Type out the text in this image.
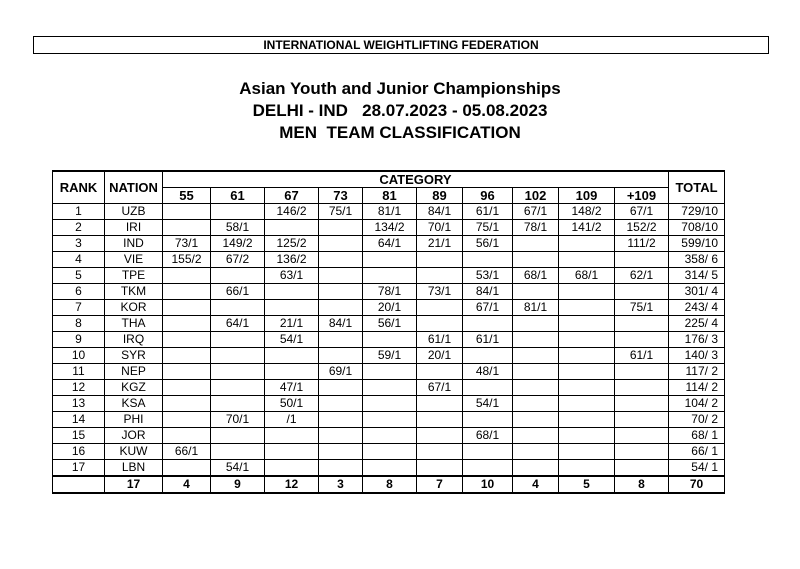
INTERNATIONAL WEIGHTLIFTING FEDERATION
Asian Youth and Junior Championships
DELHI - IND   28.07.2023 - 05.08.2023
MEN  TEAM CLASSIFICATION
RANK	NATION	CATEGORY										TOTAL
		55	61	67	73	81	89	96	102	109	+109	
1	UZB			146/2	75/1	81/1	84/1	61/1	67/1	148/2	67/1	729/10
2	IRI		58/1			134/2	70/1	75/1	78/1	141/2	152/2	708/10
3	IND	73/1	149/2	125/2		64/1	21/1	56/1			111/2	599/10
4	VIE	155/2	67/2	136/2								358/ 6
5	TPE			63/1				53/1	68/1	68/1	62/1	314/ 5
6	TKM		66/1			78/1	73/1	84/1				301/ 4
7	KOR					20/1		67/1	81/1		75/1	243/ 4
8	THA		64/1	21/1	84/1	56/1						225/ 4
9	IRQ			54/1			61/1	61/1				176/ 3
10	SYR					59/1	20/1				61/1	140/ 3
11	NEP				69/1			48/1				117/ 2
12	KGZ			47/1			67/1					114/ 2
13	KSA			50/1				54/1				104/ 2
14	PHI		70/1	/1								70/ 2
15	JOR							68/1				68/ 1
16	KUW	66/1										66/ 1
17	LBN		54/1									54/ 1
	17	4	9	12	3	8	7	10	4	5	8	70
